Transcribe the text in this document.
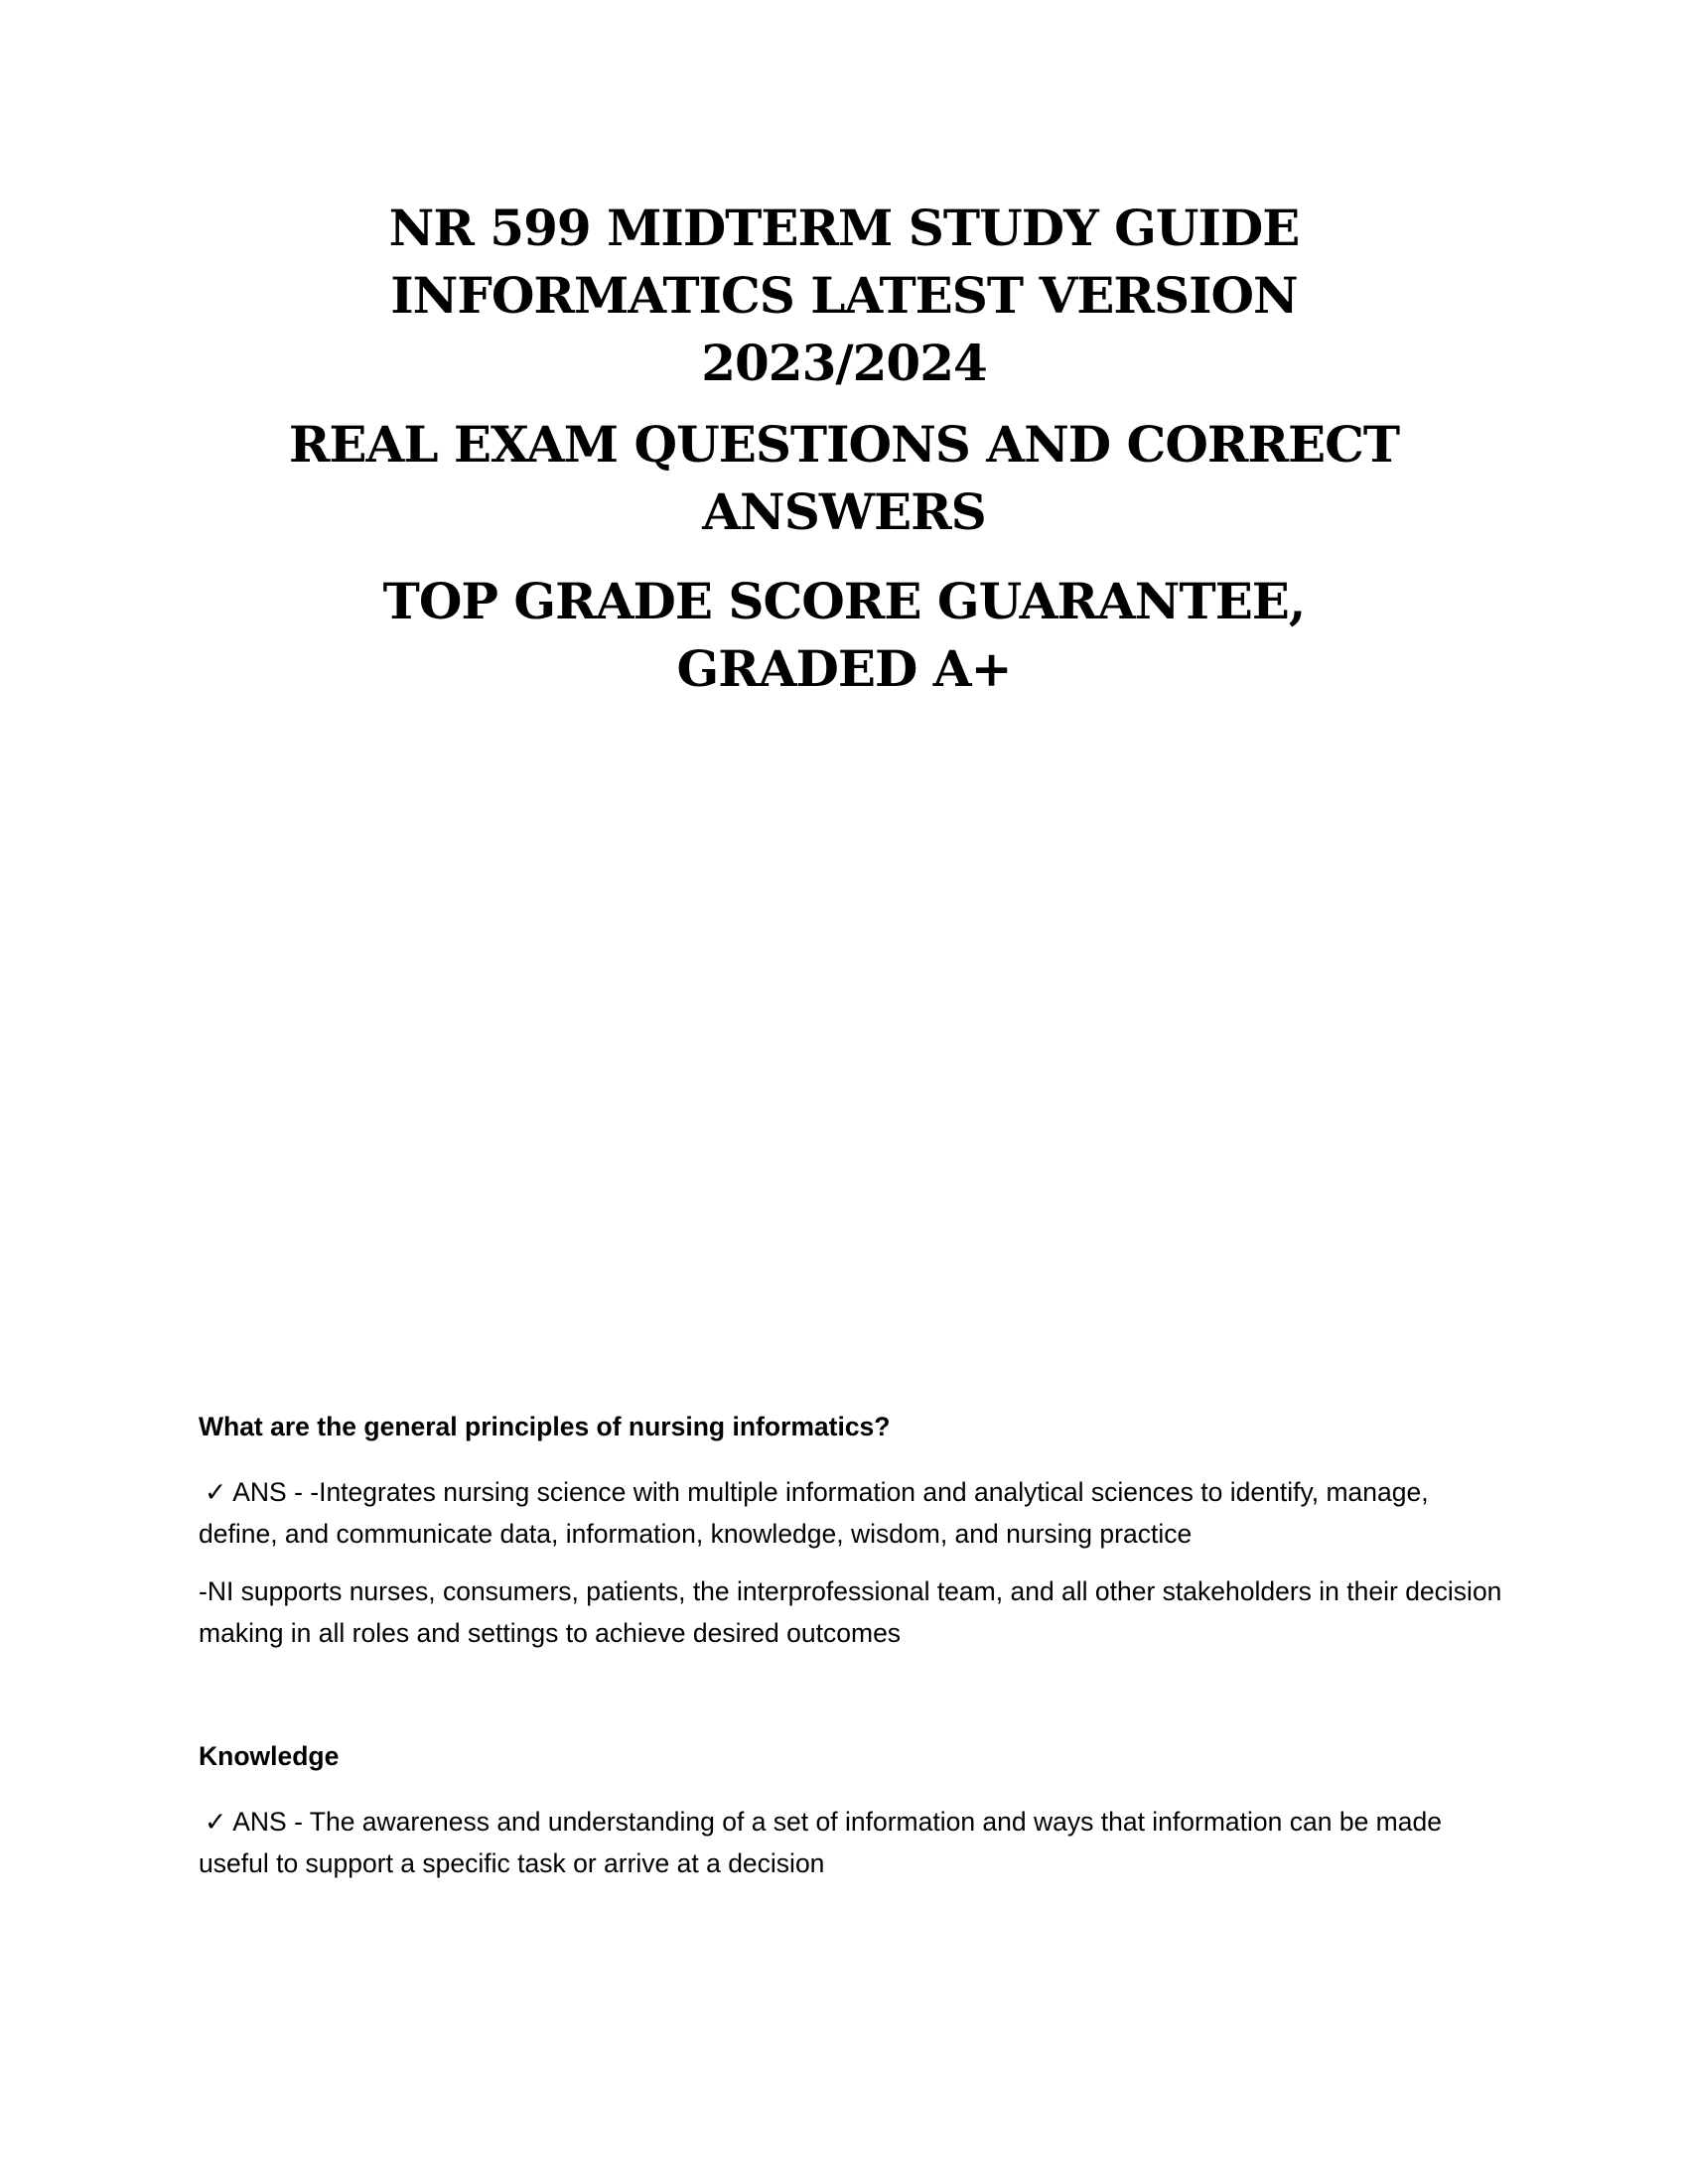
NR 599 MIDTERM STUDY GUIDE
INFORMATICS LATEST VERSION
2023/2024
REAL EXAM QUESTIONS AND CORRECT
ANSWERS
TOP GRADE SCORE GUARANTEE,
GRADED A+

What are the general principles of nursing informatics?

✓ ANS - -Integrates nursing science with multiple information and analytical sciences to identify, manage, define, and communicate data, information, knowledge, wisdom, and nursing practice

-NI supports nurses, consumers, patients, the interprofessional team, and all other stakeholders in their decision making in all roles and settings to achieve desired outcomes

Knowledge

✓ ANS - The awareness and understanding of a set of information and ways that information can be made useful to support a specific task or arrive at a decision
